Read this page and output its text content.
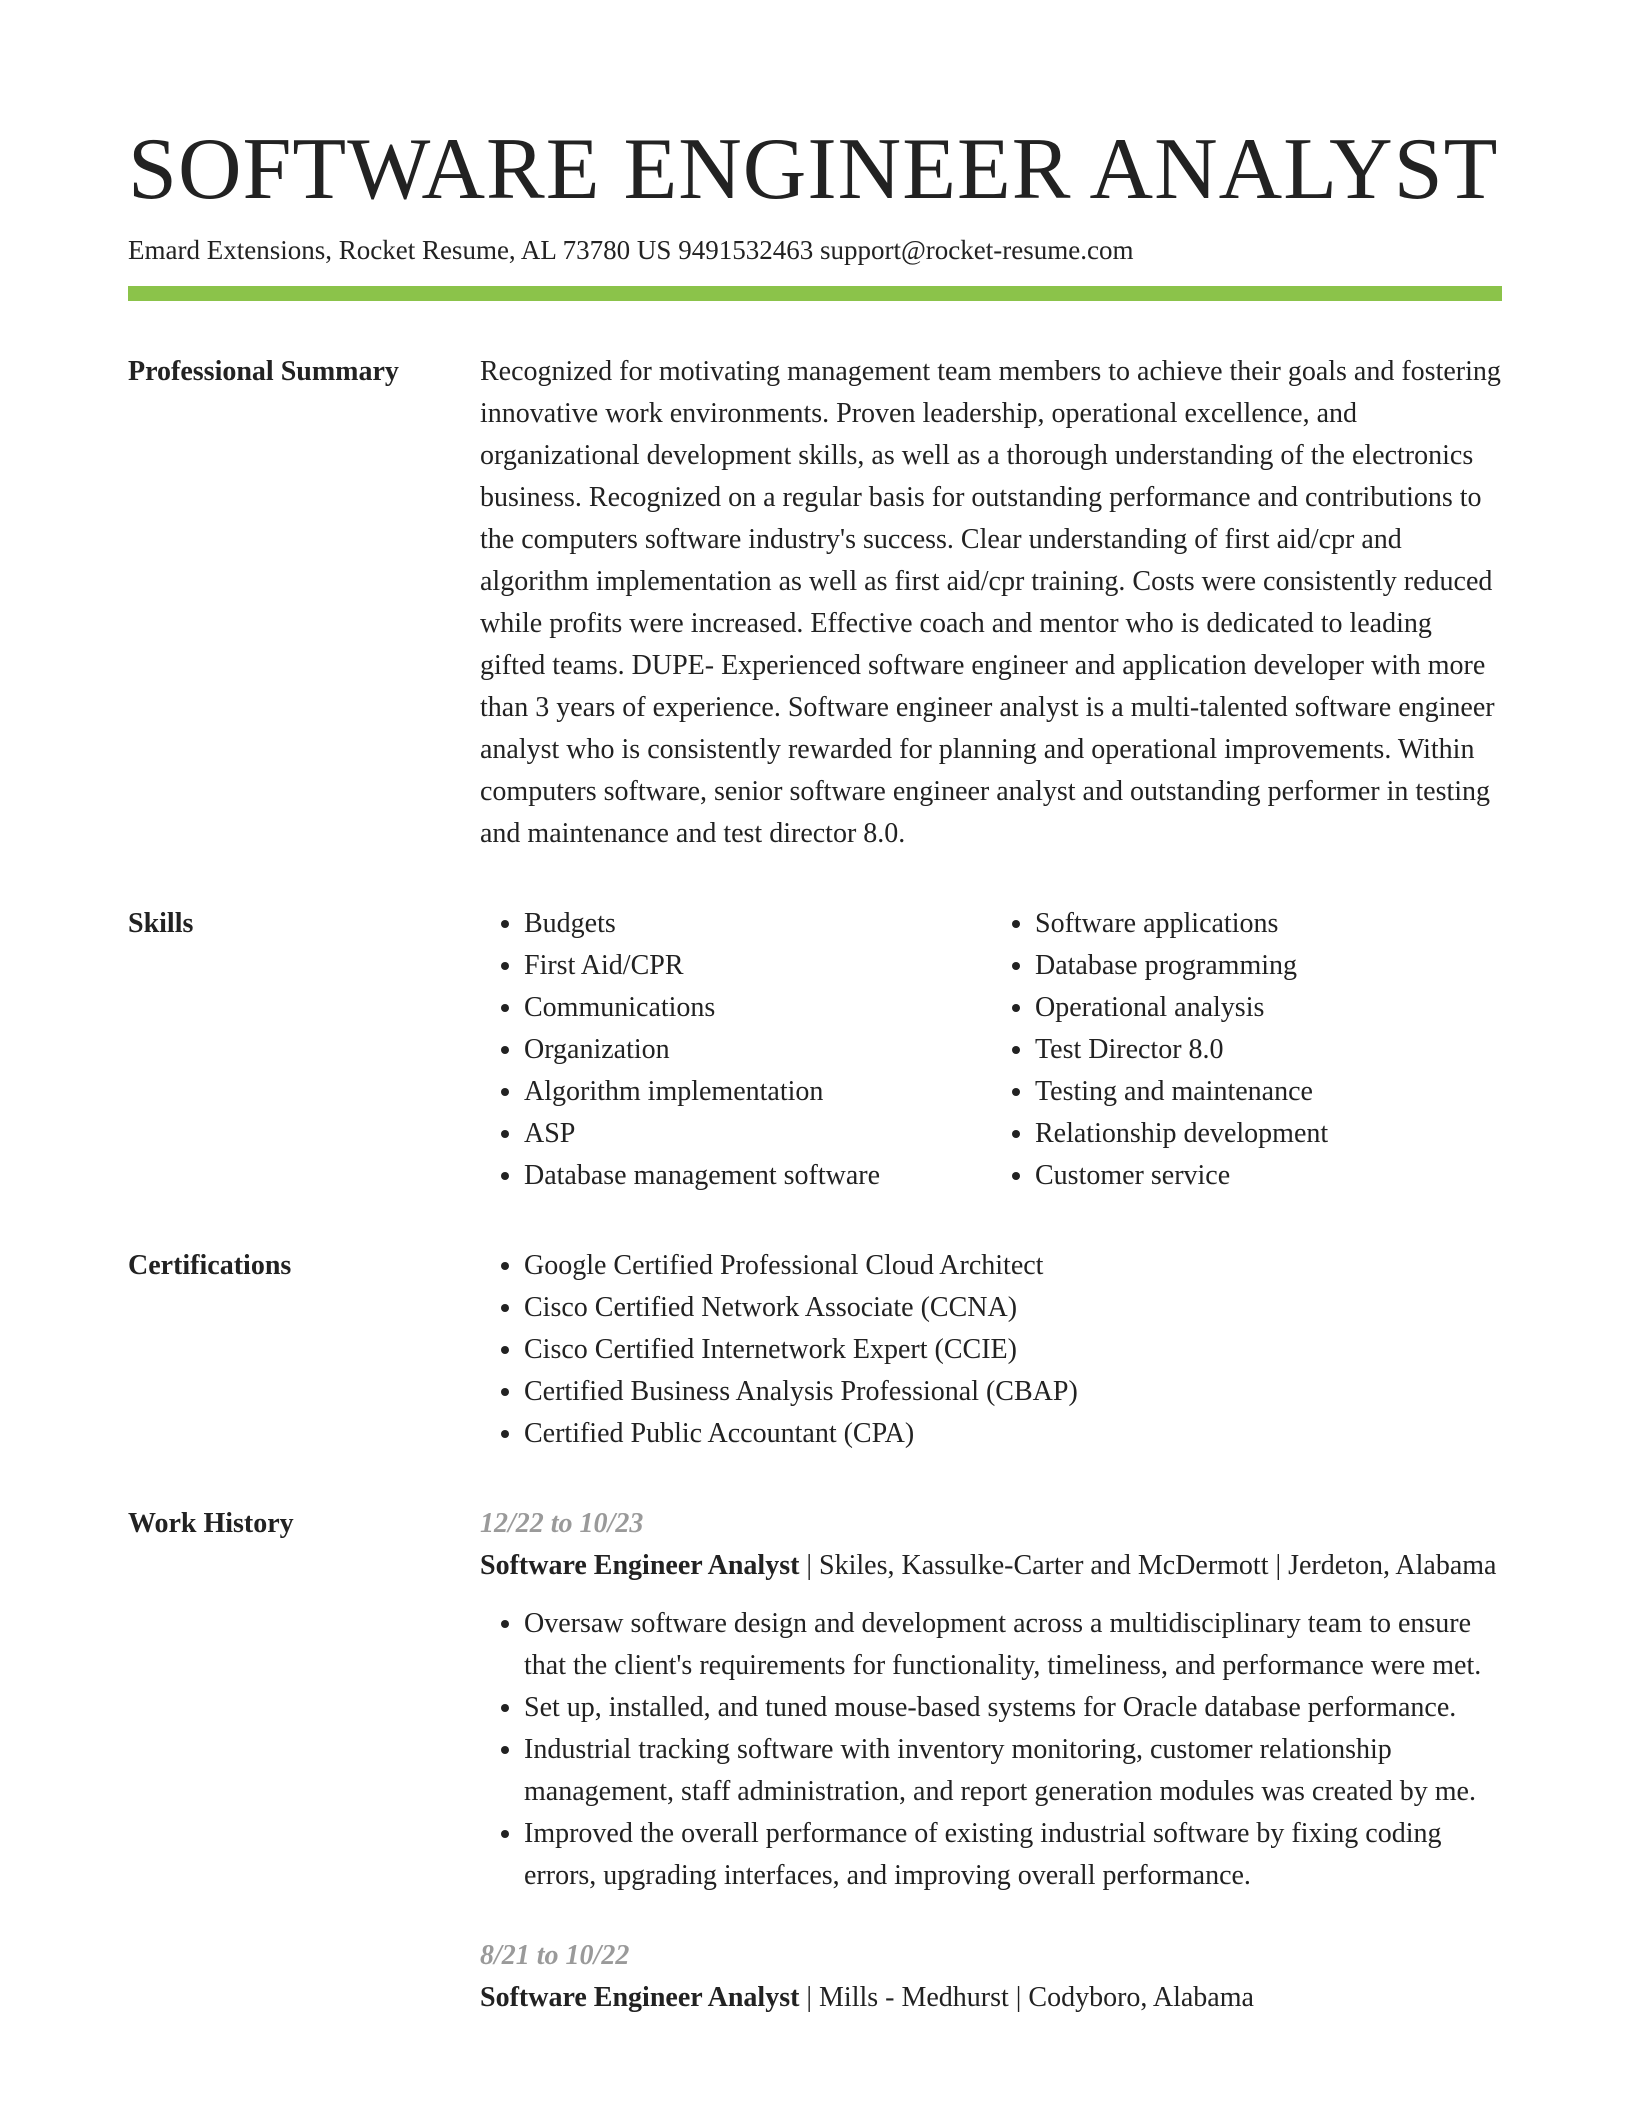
SOFTWARE ENGINEER ANALYST
Emard Extensions, Rocket Resume, AL 73780 US 9491532463 support@rocket-resume.com
Professional Summary	Recognized for motivating management team members to achieve their goals and fostering innovative work environments. Proven leadership, operational excellence, and organizational development skills, as well as a thorough understanding of the electronics business. Recognized on a regular basis for outstanding performance and contributions to the computers software industry's success. Clear understanding of first aid/cpr and algorithm implementation as well as first aid/cpr training. Costs were consistently reduced while profits were increased. Effective coach and mentor who is dedicated to leading gifted teams. DUPE- Experienced software engineer and application developer with more than 3 years of experience. Software engineer analyst is a multi-talented software engineer analyst who is consistently rewarded for planning and operational improvements. Within computers software, senior software engineer analyst and outstanding performer in testing and maintenance and test director 8.0.

Skills	• Budgets
• First Aid/CPR
• Communications
• Organization
• Algorithm implementation
• ASP
• Database management software
• Software applications
• Database programming
• Operational analysis
• Test Director 8.0
• Testing and maintenance
• Relationship development
• Customer service
Certifications	• Google Certified Professional Cloud Architect
• Cisco Certified Network Associate (CCNA)
• Cisco Certified Internetwork Expert (CCIE)
• Certified Business Analysis Professional (CBAP)
• Certified Public Accountant (CPA)
Work History	12/22 to 10/23
Software Engineer Analyst | Skiles, Kassulke-Carter and McDermott | Jerdeton, Alabama
• Oversaw software design and development across a multidisciplinary team to ensure that the client's requirements for functionality, timeliness, and performance were met.
• Set up, installed, and tuned mouse-based systems for Oracle database performance.
• Industrial tracking software with inventory monitoring, customer relationship management, staff administration, and report generation modules was created by me.
• Improved the overall performance of existing industrial software by fixing coding errors, upgrading interfaces, and improving overall performance.
8/21 to 10/22
Software Engineer Analyst | Mills - Medhurst | Codyboro, Alabama
